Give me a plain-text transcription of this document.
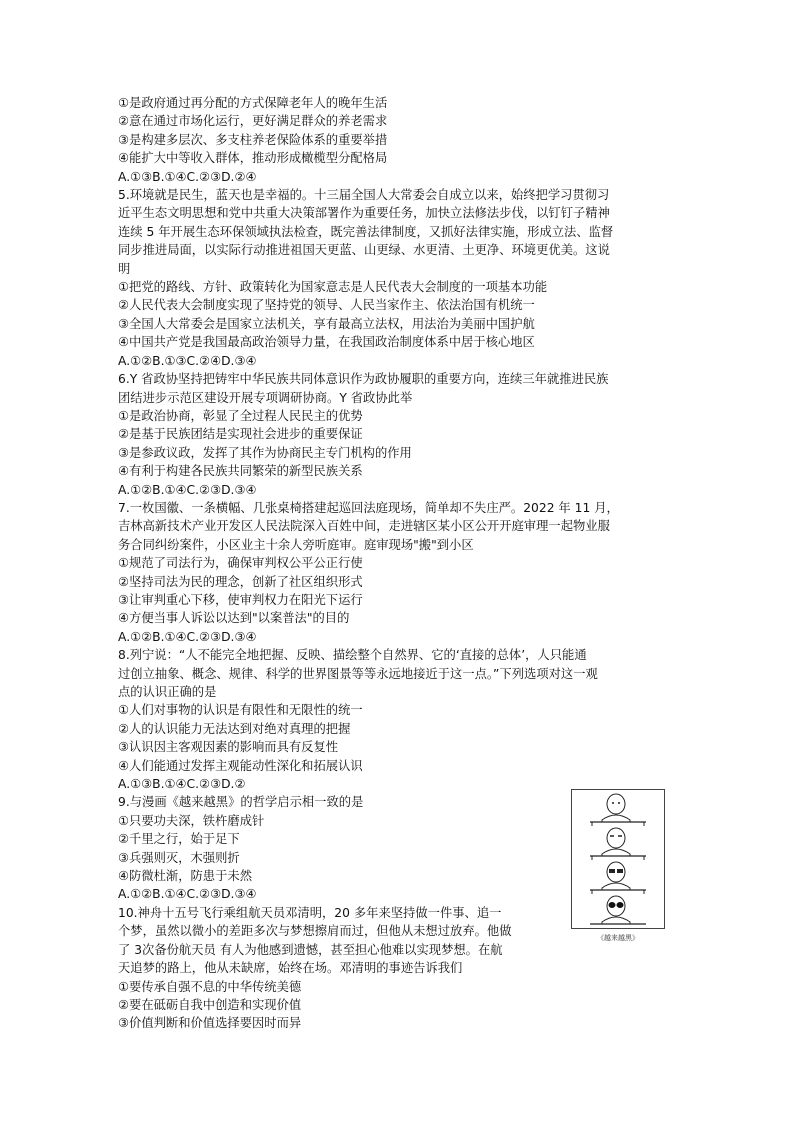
①是政府通过再分配的方式保障老年人的晚年生活
②意在通过市场化运行，更好满足群众的养老需求
③是构建多层次、多支柱养老保险体系的重要举措
④能扩大中等收入群体，推动形成橄榄型分配格局
A.①③B.①④C.②③D.②④
5.环境就是民生，蓝天也是幸福的。十三届全国人大常委会自成立以来，始终把学习贯彻习
近平生态文明思想和党中共重大决策部署作为重要任务，加快立法修法步伐，以钉钉子精神
连续 5 年开展生态环保领域执法检查，既完善法律制度，又抓好法律实施，形成立法、监督
同步推进局面，以实际行动推进祖国天更蓝、山更绿、水更清、土更净、环境更优美。这说
明
①把党的路线、方针、政策转化为国家意志是人民代表大会制度的一项基本功能
②人民代表大会制度实现了坚持党的领导、人民当家作主、依法治国有机统一
③全国人大常委会是国家立法机关，享有最高立法权，用法治为美丽中国护航
④中国共产党是我国最高政治领导力量，在我国政治制度体系中居于核心地区
A.①②B.①③C.②④D.③④
6.Y 省政协坚持把铸牢中华民族共同体意识作为政协履职的重要方向，连续三年就推进民族
团结进步示范区建设开展专项调研协商。Y 省政协此举
①是政治协商，彰显了全过程人民民主的优势
②是基于民族团结是实现社会进步的重要保证
③是参政议政，发挥了其作为协商民主专门机构的作用
④有利于构建各民族共同繁荣的新型民族关系
A.①②B.①④C.②③D.③④
7.一枚国徽、一条横幅、几张桌椅搭建起巡回法庭现场，简单却不失庄严。2022 年 11 月，
吉林高新技术产业开发区人民法院深入百姓中间，走进辖区某小区公开开庭审理一起物业服
务合同纠纷案件，小区业主十余人旁听庭审。庭审现场"搬"到小区
①规范了司法行为，确保审判权公平公正行使
②坚持司法为民的理念，创新了社区组织形式
③让审判重心下移，使审判权力在阳光下运行
④方便当事人诉讼以达到"以案普法"的目的
A.①②B.①④C.②③D.③④
8.列宁说：“人不能完全地把握、反映、描绘整个自然界、它的‘直接的总体’，人只能通
过创立抽象、概念、规律、科学的世界图景等等永远地接近于这一点。”下列选项对这一观
点的认识正确的是
①人们对事物的认识是有限性和无限性的统一
②人的认识能力无法达到对绝对真理的把握
③认识因主客观因素的影响而具有反复性
④人们能通过发挥主观能动性深化和拓展认识
A.①③B.①④C.②③D.②
9.与漫画《越来越黑》的哲学启示相一致的是
①只要功夫深，铁杵磨成针
②千里之行，始于足下
③兵强则灭，木强则折
④防微杜渐，防患于未然
A.①②B.①④C.②③D.③④
10.神舟十五号飞行乘组航天员邓清明，20 多年来坚持做一件事、追一
个梦，虽然以微小的差距多次与梦想擦肩而过，但他从未想过放弃。他做
了 3次备份航天员 有人为他感到遗憾，甚至担心他难以实现梦想。在航
天追梦的路上，他从未缺席，始终在场。邓清明的事迹告诉我们
①要传承自强不息的中华传统美德
②要在砥砺自我中创造和实现价值
③价值判断和价值选择要因时而异
《越来越黑》
